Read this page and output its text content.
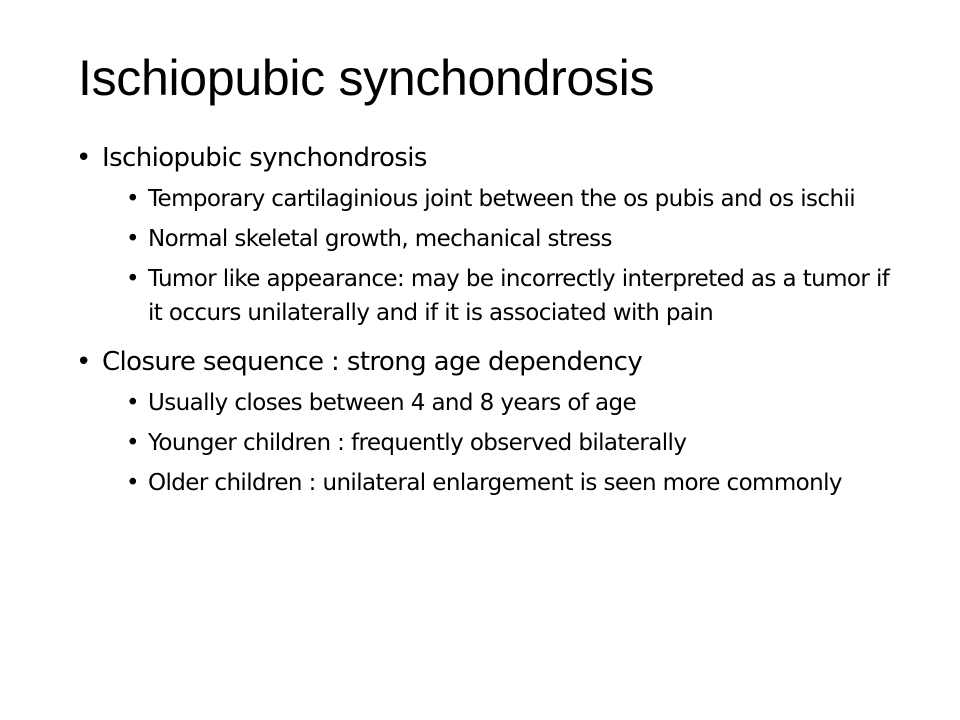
Ischiopubic synchondrosis
• Ischiopubic synchondrosis
• Temporary cartilaginious joint between the os pubis and os ischii
• Normal skeletal growth, mechanical stress
• Tumor like appearance: may be incorrectly interpreted as a tumor if it occurs unilaterally and if it is associated with pain
• Closure sequence : strong age dependency
• Usually closes between 4 and 8 years of age
• Younger children : frequently observed bilaterally
• Older children : unilateral enlargement is seen more commonly
